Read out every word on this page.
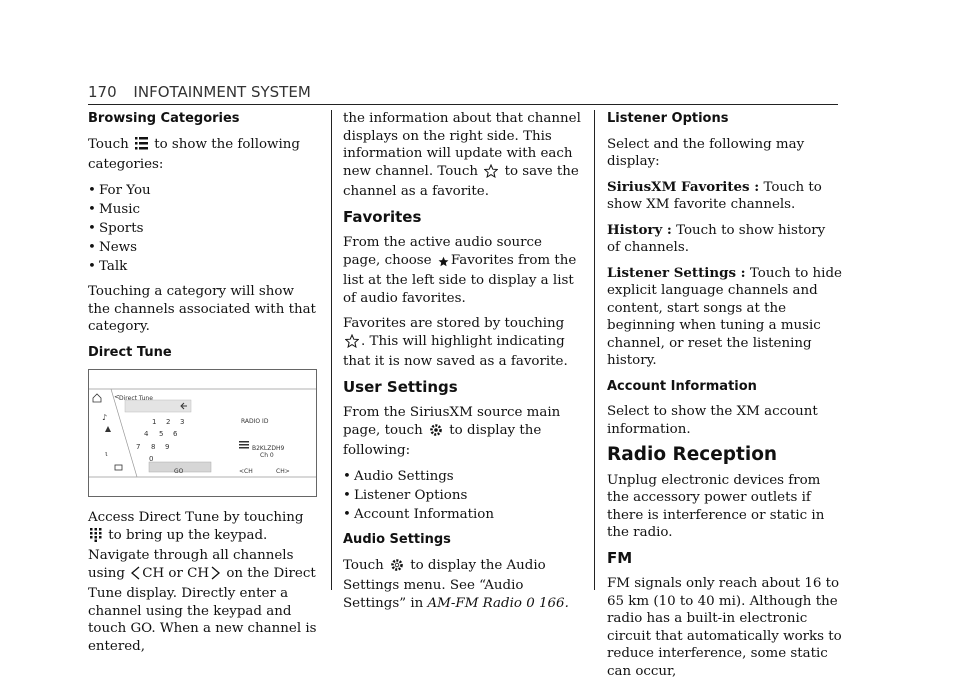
170 INFOTAINMENT SYSTEM
Browsing Categories

Touch to show the following categories:

• For You
• Music
• Sports
• News
• Talk

Touching a category will show the channels associated with that category.

Direct Tune
♪
ι
Direct Tune
<
1 2 3
4 5 6
7 8 9
0
GO
RADIO ID
B2KLZDH9
Ch 0
<CH	CH>

Access Direct Tune by touching  to bring up the keypad. Navigate through all channels using CH or CH on the Direct Tune display. Directly enter a channel using the keypad and touch GO. When a new channel is entered,

the information about that channel displays on the right side. This information will update with each new channel. Touch to save the channel as a favorite.

Favorites

From the active audio source page, choose Favorites from the list at the left side to display a list of audio favorites.

Favorites are stored by touching . This will highlight indicating that it is now saved as a favorite.

User Settings

From the SiriusXM source main page, touch to display the following:

• Audio Settings
• Listener Options
• Account Information
Audio Settings

Touch to display the Audio Settings menu. See “Audio Settings” in AM-FM Radio 0 166.

Listener Options

Select and the following may display:

SiriusXM Favorites : Touch to show XM favorite channels.

History : Touch to show history of channels.

Listener Settings : Touch to hide explicit language channels and content, start songs at the beginning when tuning a music channel, or reset the listening history.

Account Information

Select to show the XM account information.

Radio Reception

Unplug electronic devices from the accessory power outlets if there is interference or static in the radio.

FM

FM signals only reach about 16 to 65 km (10 to 40 mi). Although the radio has a built-in electronic circuit that automatically works to reduce interference, some static can occur,
